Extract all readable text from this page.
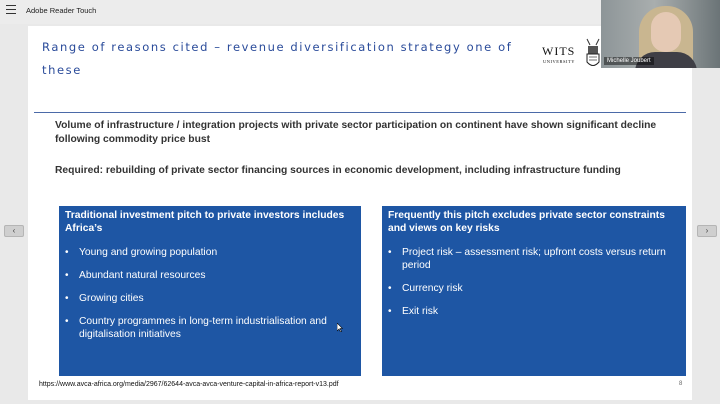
Adobe Reader Touch
Range of reasons cited – revenue diversification strategy one of these
WITS
UNIVERSITY

Volume of infrastructure / integration projects with private sector participation on continent have shown significant decline following commodity price bust

Required: rebuilding of private sector financing sources in economic development, including infrastructure funding

Traditional investment pitch to private investors includes Africa’s
• Young and growing population
• Abundant natural resources
• Growing cities
• Country programmes in long-term industrialisation and digitalisation initiatives
Frequently this pitch excludes private sector constraints and views on key risks
• Project risk – assessment risk; upfront costs versus return period
• Currency risk
• Exit risk
https://www.avca-africa.org/media/2967/62644-avca-avca-venture-capital-in-africa-report-v13.pdf	8
‹	›
Michelle Joubert
